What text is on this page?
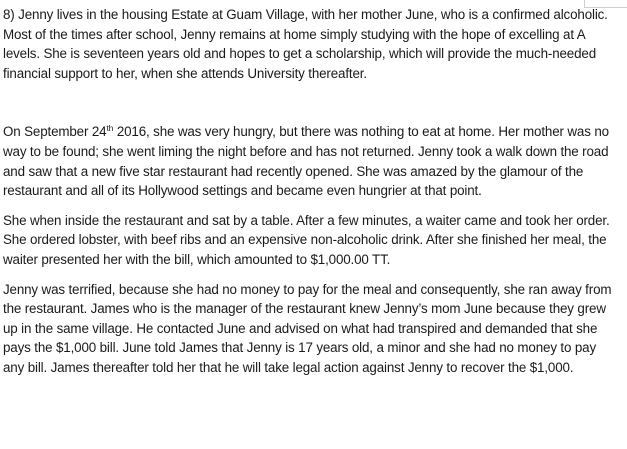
8) Jenny lives in the housing Estate at Guam Village, with her mother June, who is a confirmed alcoholic. Most of the times after school, Jenny remains at home simply studying with the hope of excelling at A levels. She is seventeen years old and hopes to get a scholarship, which will provide the much-needed financial support to her, when she attends University thereafter.

On September 24th 2016, she was very hungry, but there was nothing to eat at home. Her mother was no way to be found; she went liming the night before and has not returned. Jenny took a walk down the road and saw that a new five star restaurant had recently opened. She was amazed by the glamour of the restaurant and all of its Hollywood settings and became even hungrier at that point.

She when inside the restaurant and sat by a table. After a few minutes, a waiter came and took her order. She ordered lobster, with beef ribs and an expensive non-alcoholic drink. After she finished her meal, the waiter presented her with the bill, which amounted to $1,000.00 TT.

Jenny was terrified, because she had no money to pay for the meal and consequently, she ran away from the restaurant. James who is the manager of the restaurant knew Jenny’s mom June because they grew up in the same village. He contacted June and advised on what had transpired and demanded that she pays the $1,000 bill. June told James that Jenny is 17 years old, a minor and she had no money to pay any bill. James thereafter told her that he will take legal action against Jenny to recover the $1,000.
